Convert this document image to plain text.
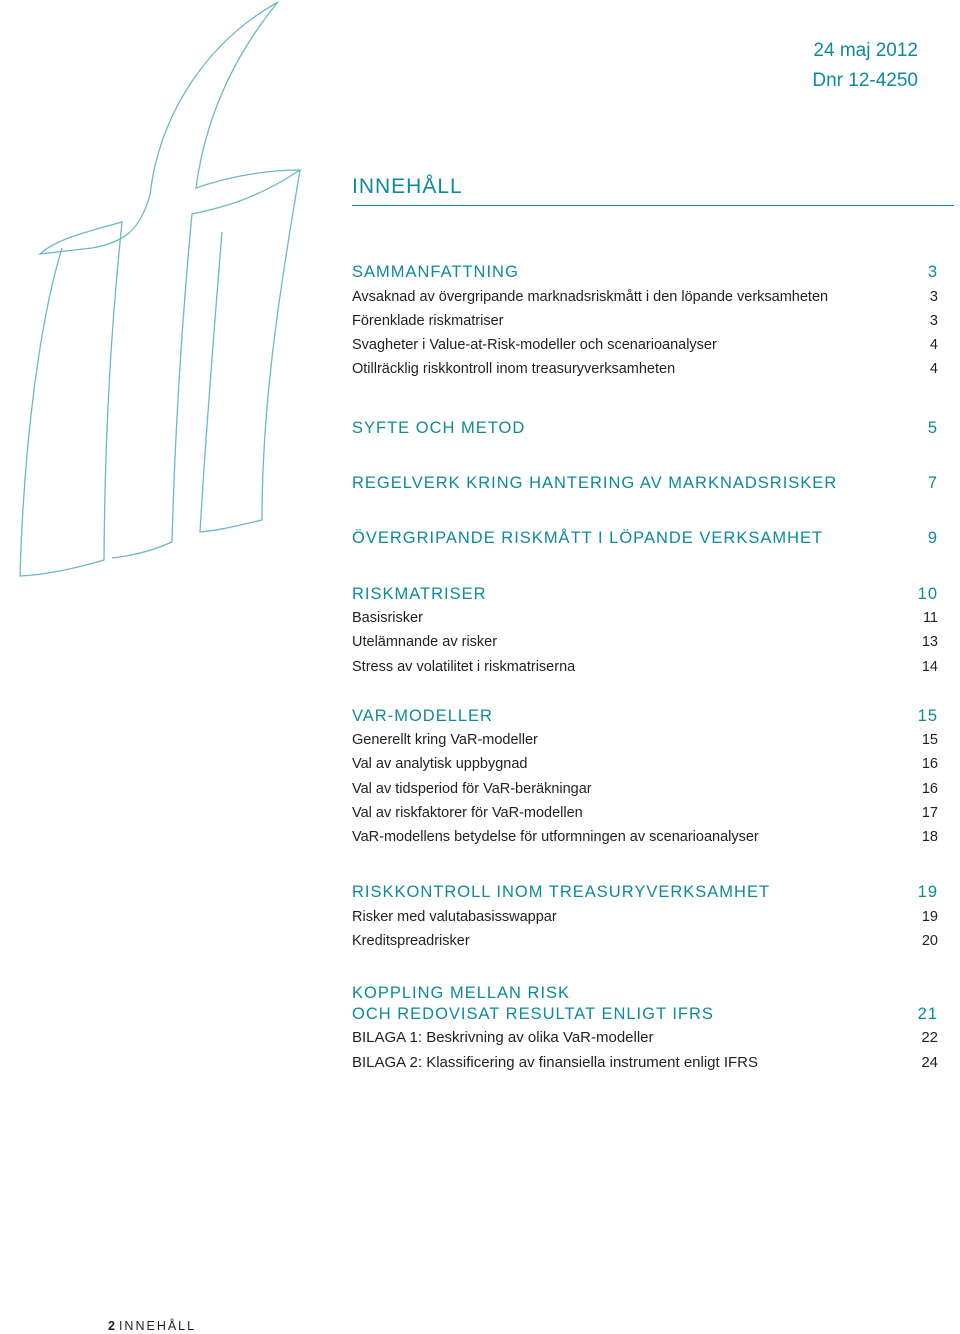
24 maj 2012
Dnr 12-4250
INNEHÅLL
SAMMANFATTNING	3
Avsaknad av övergripande marknadsriskmått i den löpande verksamheten	3
Förenklade riskmatriser	3
Svagheter i Value-at-Risk-modeller och scenarioanalyser	4
Otillräcklig riskkontroll inom treasuryverksamheten	4
SYFTE OCH METOD	5
REGELVERK KRING HANTERING AV MARKNADSRISKER	7
ÖVERGRIPANDE RISKMÅTT I LÖPANDE VERKSAMHET	9
RISKMATRISER	10
Basisrisker	11
Utelämnande av risker	13
Stress av volatilitet i riskmatriserna	14
VAR-MODELLER	15
Generellt kring VaR-modeller	15
Val av analytisk uppbygnad	16
Val av tidsperiod för VaR-beräkningar	16
Val av riskfaktorer för VaR-modellen	17
VaR-modellens betydelse för utformningen av scenarioanalyser	18
RISKKONTROLL INOM TREASURYVERKSAMHET	19
Risker med valutabasisswappar	19
Kreditspreadrisker	20
KOPPLING MELLAN RISK
OCH REDOVISAT RESULTAT ENLIGT IFRS	21
BILAGA 1: Beskrivning av olika VaR-modeller	22
BILAGA 2: Klassificering av finansiella instrument enligt IFRS	24
2 INNEHÅLL
